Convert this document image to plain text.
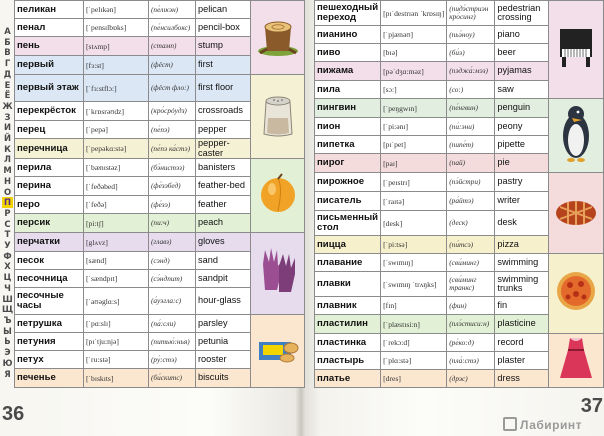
А
Б
В
Г
Д
Е
Ё
Ж
З
И
Й
К
Л
М
Н
О
П
Р
С
Т
У
Ф
Х
Ц
Ч
Ш
Щ
Ъ
Ы
Ь
Э
Ю
Я
пеликан	[ˈpelɪkən]	(пе́лικэн)	pelican	
пенал	[ˈpensɪlbɒks]	(пе́нсилбокс)	pencil-box	
пень	[stʌmp]	(стамп)	stump	
первый	[fɜ:st]	(фёст)	first	
первый этаж	[ˈfɜ:stflɔ:]	(фёст фло:)	first floor	
перекрёсток	[ˈkrɒsrəʊdz]	(кро́срόудз)	crossroads	
перец	[ˈpepə]	(пе́пэ)	pepper	
перечница	[ˈpepəkɑ:stə]	(пе́пэ ка́стэ)	pepper-caster	
перила	[ˈbænɪstəz]	(бэ́нистэз)	banisters	
перина	[ˈfeðəbed]	(фе́зэбед)	feather-bed	
перо	[ˈfeðə]	(фе́зэ)	feather	
персик	[pi:tʃ]	(пи:ч)	peach	
перчатки	[glʌvz]	(главз)	gloves	
песок	[sænd]	(сэнд)	sand	
песочница	[ˈsændpɪt]	(сэ́ндпит)	sandpit	
песочные часы	[ˈaʊəglɑ:s]	(а́уэгла:с)	hour-glass	
петрушка	[ˈpɑ:slɪ]	(па́:сли)	parsley	
петуния	[pɪˈtju:njə]	(питью́:нья)	petunia	
петух	[ˈru:stə]	(ру́:стэ)	rooster	
печенье	[ˈbɪskɪts]	(би́скитс)	biscuits	
пешеходный переход	[pɪˈdestrɪən ˈkrɒsɪŋ]	(пидэ́стриэн кро́синг)	pedestrian crossing	
пианино	[ˈpjænəʊ]	(пьэ́ноу)	piano	
пиво	[bɪə]	(би́э)	beer	
пижама	[pəˈdʒɑ:məz]	(пэджа́:мэз)	pyjamas	
пила	[sɔ:]	(со:)	saw	
пингвин	[ˈpeŋgwɪn]	(пе́нгвин)	penguin	
пион	[ˈpi:ənɪ]	(пи́:эни)	peony	
пипетка	[pɪˈpet]	(пипе́т)	pipette	
пирог	[paɪ]	(пай)	pie	
пирожное	[ˈpeɪstrɪ]	(пэ́йстри)	pastry	
писатель	[ˈraɪtə]	(ра́йтэ)	writer	
письменный стол	[desk]	(деск)	desk	
пицца	[ˈpi:tsə]	(пи́тсэ)	pizza	
плавание	[ˈswɪmɪŋ]	(сви́минг)	swimming	
плавки	[ˈswɪmɪŋ ˈtrʌŋks]	(сви́минг транкс)	swimming trunks	
плавник	[fɪn]	(фин)	fin	
пластилин	[ˈplæstɪsi:n]	(плэ́стиси:н)	plasticine	
пластинка	[ˈrekɔ:d]	(ре́ко:д)	record	
пластырь	[ˈplɑ:stə]	(пла́:стэ)	plaster	
платье	[dres]	(дрэс)	dress	
36	37
Лабиринт
